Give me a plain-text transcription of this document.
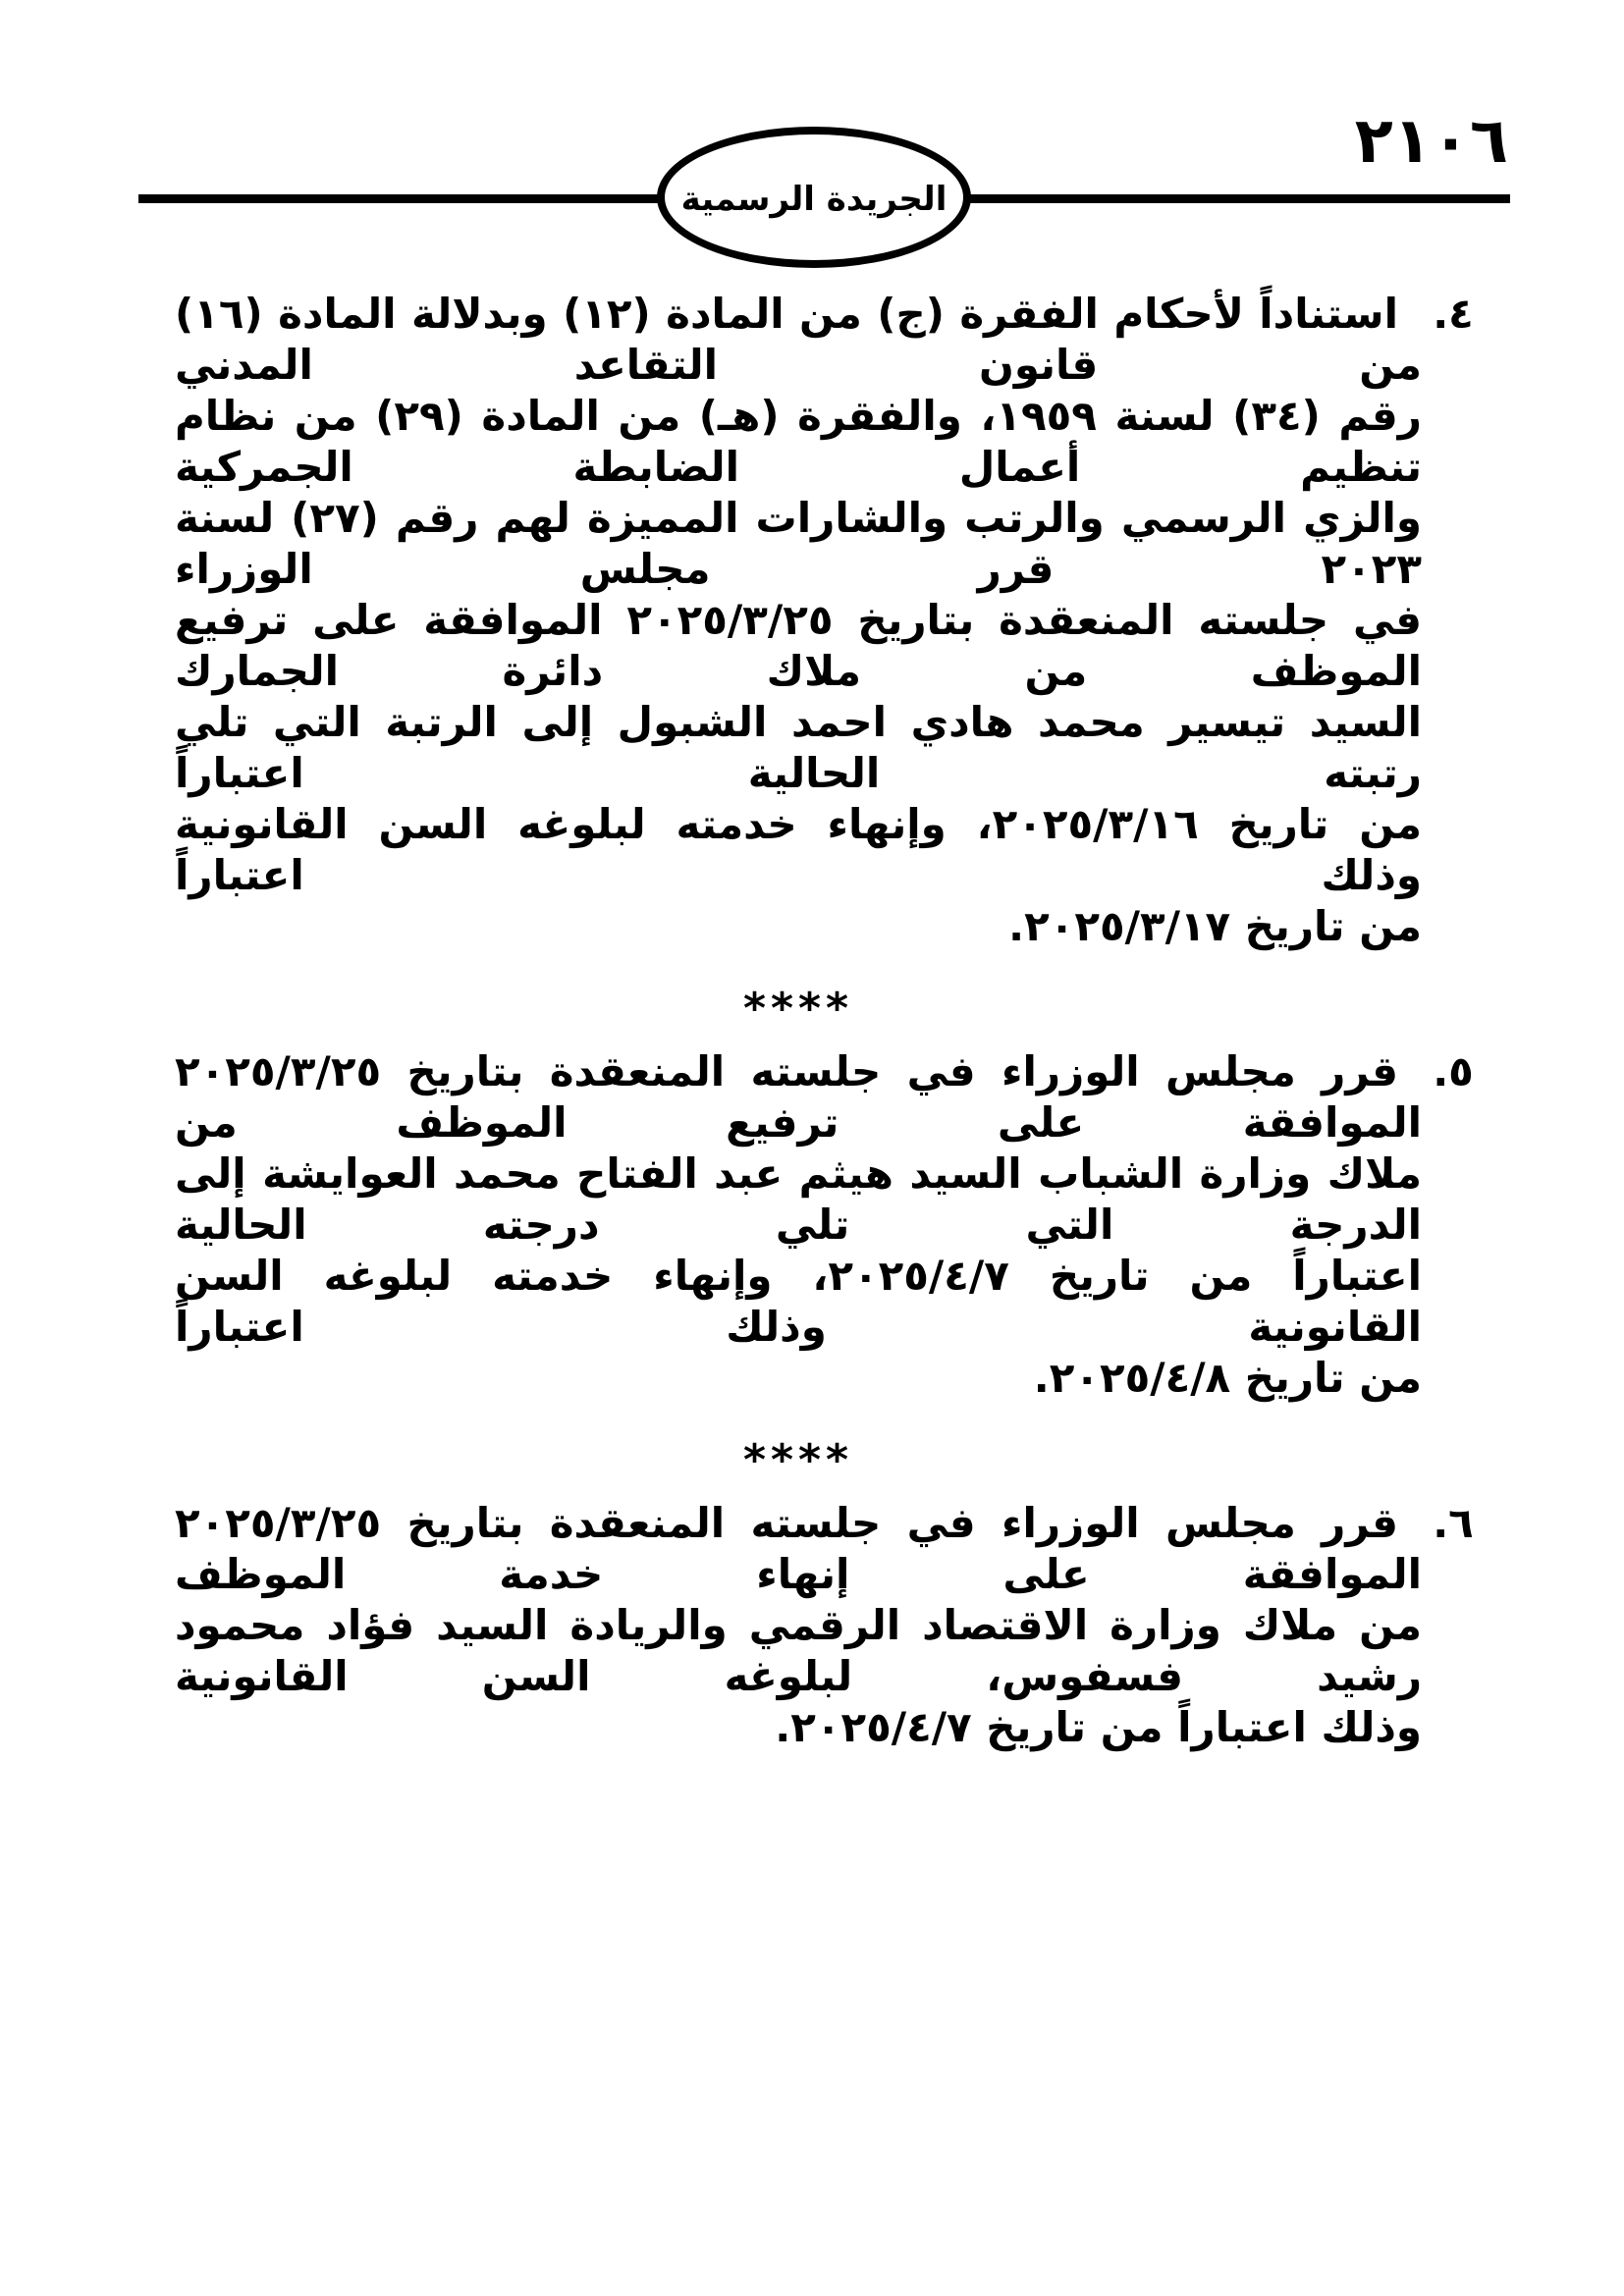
٢١٠٦
الجريدة الرسمية
٤.
استناداً لأحكام الفقرة (ج) من المادة (١٢) وبدلالة المادة (١٦) من قانون التقاعد المدني
رقم (٣٤) لسنة ١٩٥٩، والفقرة (هـ) من المادة (٢٩) من نظام تنظيم أعمال الضابطة الجمركية
والزي الرسمي والرتب والشارات المميزة لهم رقم (٢٧) لسنة ٢٠٢٣ قرر مجلس الوزراء
في جلسته المنعقدة بتاريخ ٢٠٢٥/٣/٢٥ الموافقة على ترفيع الموظف من ملاك دائرة الجمارك
السيد تيسير محمد هادي احمد الشبول إلى الرتبة التي تلي رتبته الحالية اعتباراً
من تاريخ ٢٠٢٥/٣/١٦، وإنهاء خدمته لبلوغه السن القانونية وذلك اعتباراً
من تاريخ ٢٠٢٥/٣/١٧.
****
٥.
قرر مجلس الوزراء في جلسته المنعقدة بتاريخ ٢٠٢٥/٣/٢٥ الموافقة على ترفيع الموظف من
ملاك وزارة الشباب السيد هيثم عبد الفتاح محمد العوايشة إلى الدرجة التي تلي درجته الحالية
اعتباراً من تاريخ ٢٠٢٥/٤/٧، وإنهاء خدمته لبلوغه السن القانونية وذلك اعتباراً
من تاريخ ٢٠٢٥/٤/٨.
****
٦.
قرر مجلس الوزراء في جلسته المنعقدة بتاريخ ٢٠٢٥/٣/٢٥ الموافقة على إنهاء خدمة الموظف
من ملاك وزارة الاقتصاد الرقمي والريادة السيد فؤاد محمود رشيد فسفوس، لبلوغه السن القانونية
وذلك اعتباراً من تاريخ ٢٠٢٥/٤/٧.
